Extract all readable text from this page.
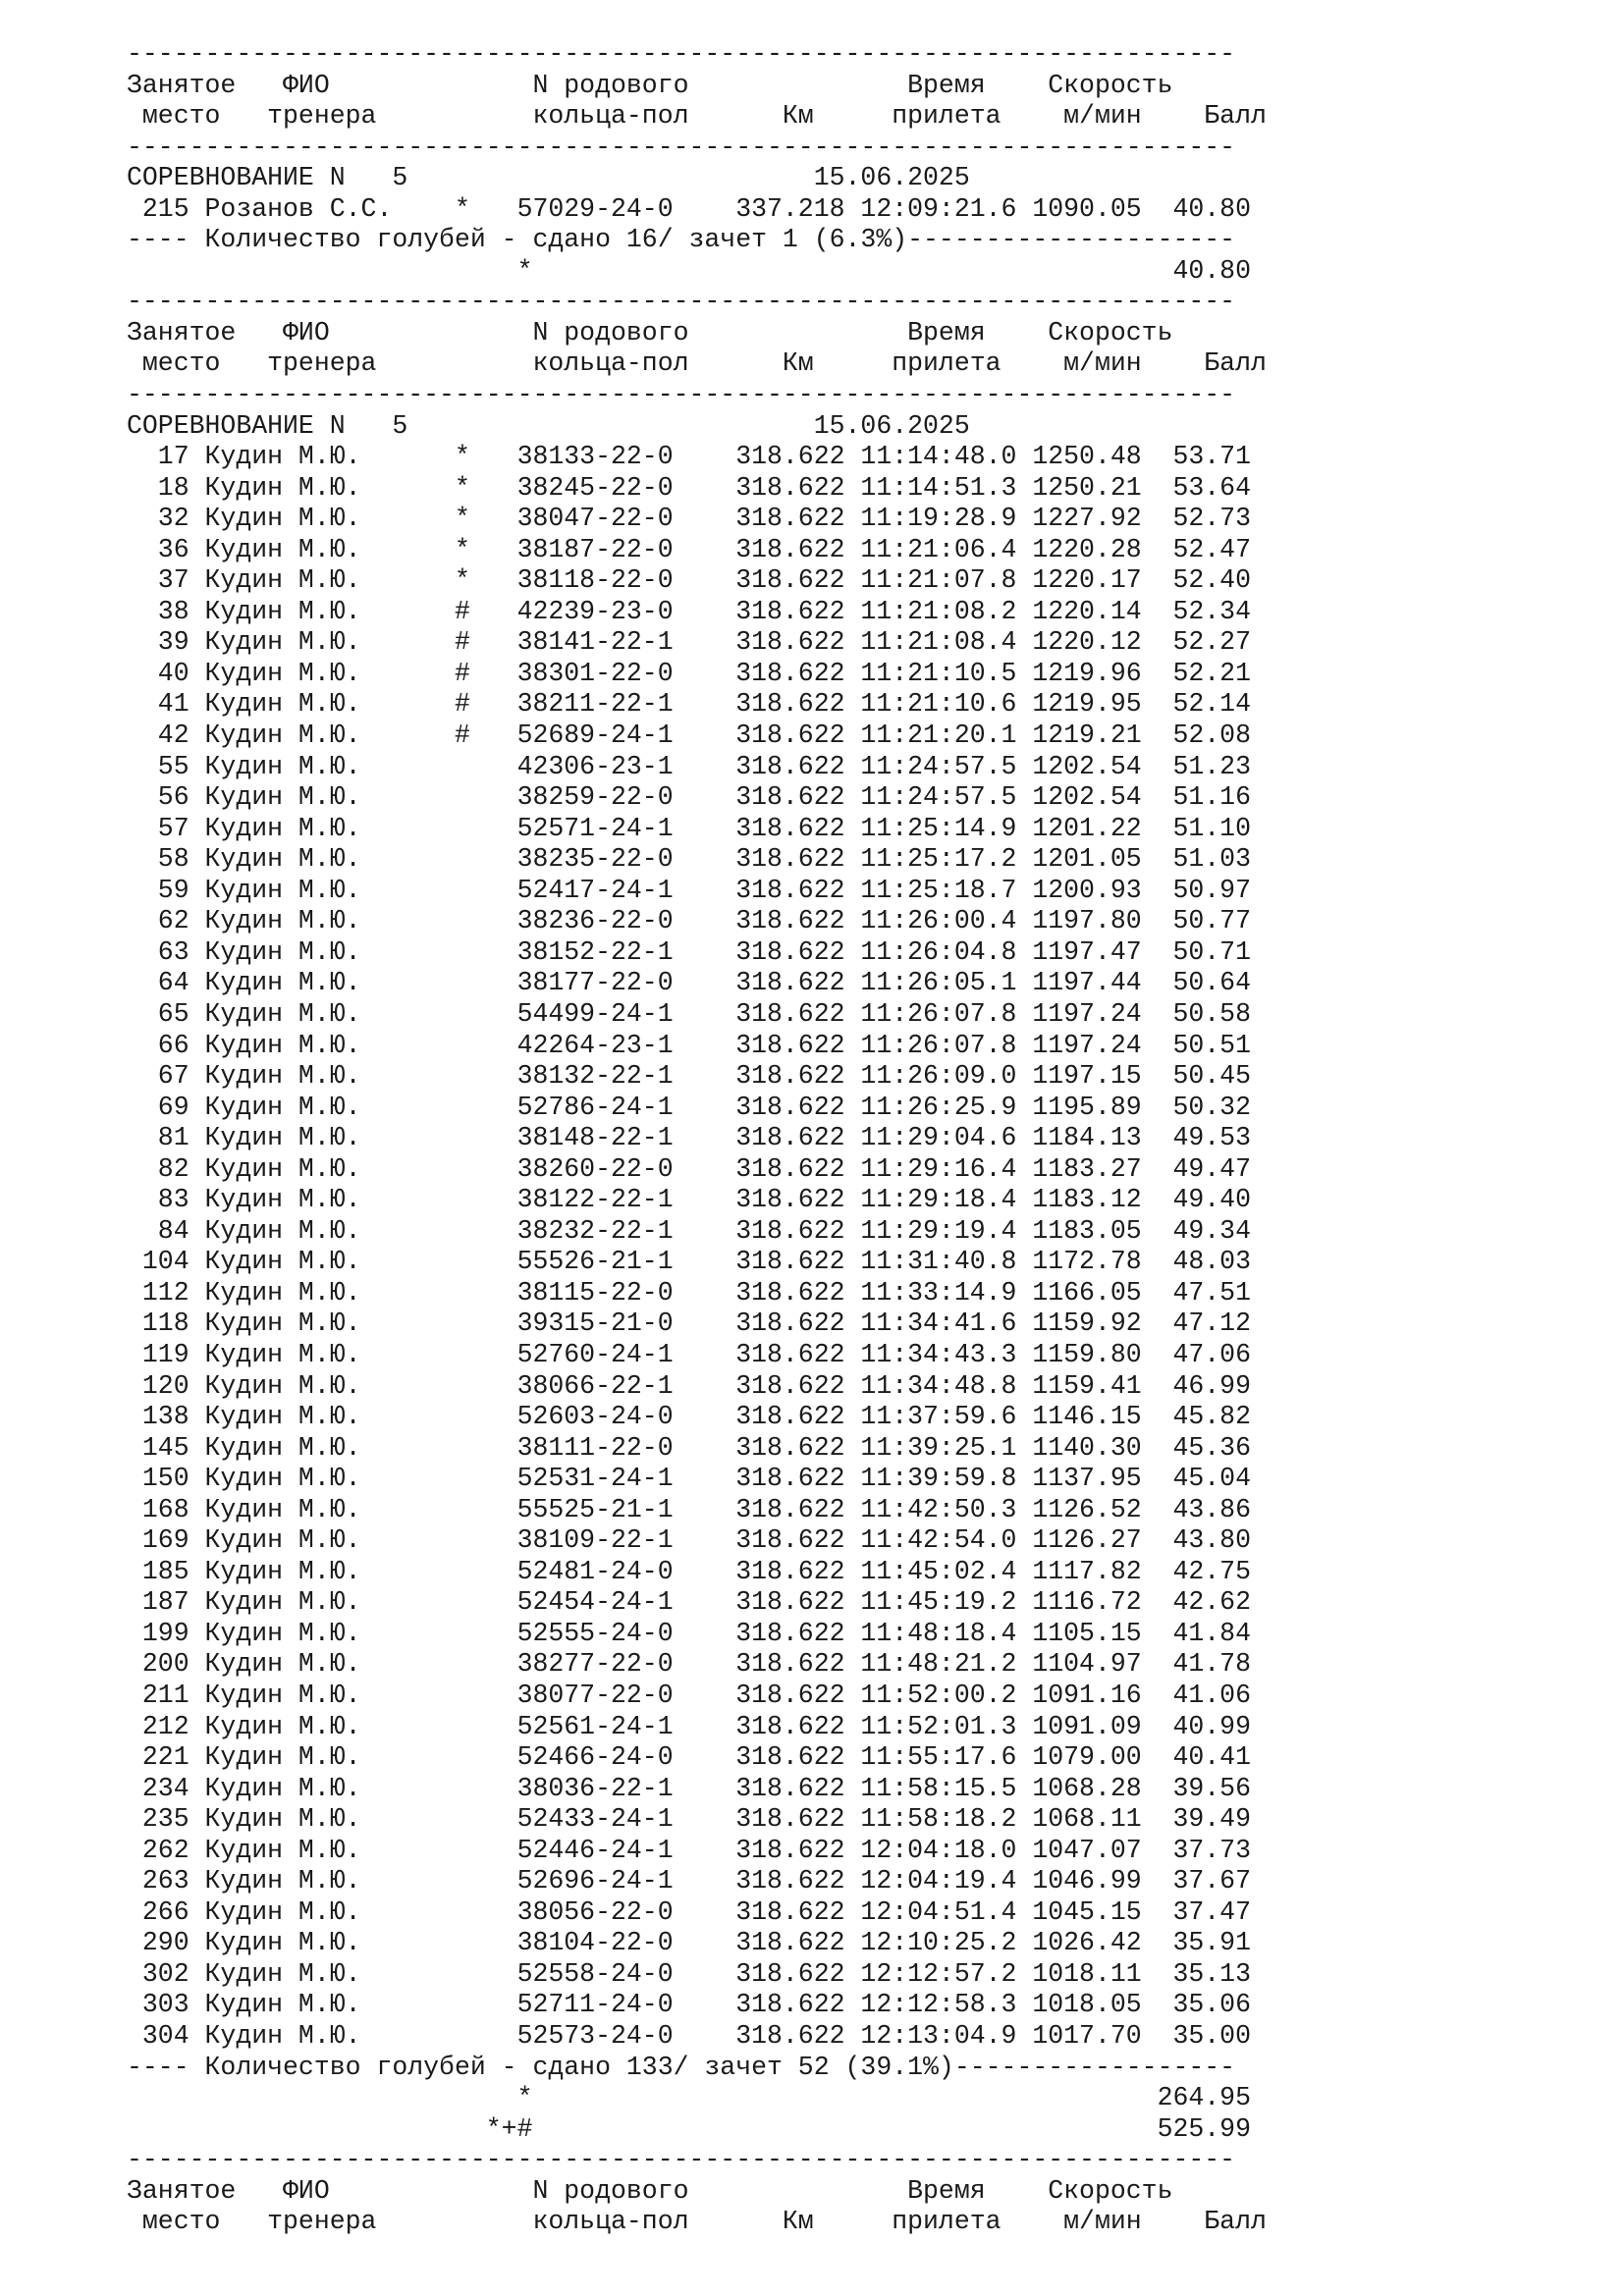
-----------------------------------------------------------------------
Занятое   ФИО             N родового              Время    Скорость
место   тренера          кольца-пол      Км     прилета    м/мин    Балл
-----------------------------------------------------------------------
СОРЕВНОВАНИЕ N   5                          15.06.2025
215 Розанов С.С.    *   57029-24-0    337.218 12:09:21.6 1090.05  40.80
---- Количество голубей - сдано 16/ зачет 1 (6.3%)---------------------
*                                         40.80
-----------------------------------------------------------------------
Занятое   ФИО             N родового              Время    Скорость
место   тренера          кольца-пол      Км     прилета    м/мин    Балл
-----------------------------------------------------------------------
СОРЕВНОВАНИЕ N   5                          15.06.2025
17 Кудин М.Ю.      *   38133-22-0    318.622 11:14:48.0 1250.48  53.71
18 Кудин М.Ю.      *   38245-22-0    318.622 11:14:51.3 1250.21  53.64
32 Кудин М.Ю.      *   38047-22-0    318.622 11:19:28.9 1227.92  52.73
36 Кудин М.Ю.      *   38187-22-0    318.622 11:21:06.4 1220.28  52.47
37 Кудин М.Ю.      *   38118-22-0    318.622 11:21:07.8 1220.17  52.40
38 Кудин М.Ю.      #   42239-23-0    318.622 11:21:08.2 1220.14  52.34
39 Кудин М.Ю.      #   38141-22-1    318.622 11:21:08.4 1220.12  52.27
40 Кудин М.Ю.      #   38301-22-0    318.622 11:21:10.5 1219.96  52.21
41 Кудин М.Ю.      #   38211-22-1    318.622 11:21:10.6 1219.95  52.14
42 Кудин М.Ю.      #   52689-24-1    318.622 11:21:20.1 1219.21  52.08
55 Кудин М.Ю.          42306-23-1    318.622 11:24:57.5 1202.54  51.23
56 Кудин М.Ю.          38259-22-0    318.622 11:24:57.5 1202.54  51.16
57 Кудин М.Ю.          52571-24-1    318.622 11:25:14.9 1201.22  51.10
58 Кудин М.Ю.          38235-22-0    318.622 11:25:17.2 1201.05  51.03
59 Кудин М.Ю.          52417-24-1    318.622 11:25:18.7 1200.93  50.97
62 Кудин М.Ю.          38236-22-0    318.622 11:26:00.4 1197.80  50.77
63 Кудин М.Ю.          38152-22-1    318.622 11:26:04.8 1197.47  50.71
64 Кудин М.Ю.          38177-22-0    318.622 11:26:05.1 1197.44  50.64
65 Кудин М.Ю.          54499-24-1    318.622 11:26:07.8 1197.24  50.58
66 Кудин М.Ю.          42264-23-1    318.622 11:26:07.8 1197.24  50.51
67 Кудин М.Ю.          38132-22-1    318.622 11:26:09.0 1197.15  50.45
69 Кудин М.Ю.          52786-24-1    318.622 11:26:25.9 1195.89  50.32
81 Кудин М.Ю.          38148-22-1    318.622 11:29:04.6 1184.13  49.53
82 Кудин М.Ю.          38260-22-0    318.622 11:29:16.4 1183.27  49.47
83 Кудин М.Ю.          38122-22-1    318.622 11:29:18.4 1183.12  49.40
84 Кудин М.Ю.          38232-22-1    318.622 11:29:19.4 1183.05  49.34
104 Кудин М.Ю.          55526-21-1    318.622 11:31:40.8 1172.78  48.03
112 Кудин М.Ю.          38115-22-0    318.622 11:33:14.9 1166.05  47.51
118 Кудин М.Ю.          39315-21-0    318.622 11:34:41.6 1159.92  47.12
119 Кудин М.Ю.          52760-24-1    318.622 11:34:43.3 1159.80  47.06
120 Кудин М.Ю.          38066-22-1    318.622 11:34:48.8 1159.41  46.99
138 Кудин М.Ю.          52603-24-0    318.622 11:37:59.6 1146.15  45.82
145 Кудин М.Ю.          38111-22-0    318.622 11:39:25.1 1140.30  45.36
150 Кудин М.Ю.          52531-24-1    318.622 11:39:59.8 1137.95  45.04
168 Кудин М.Ю.          55525-21-1    318.622 11:42:50.3 1126.52  43.86
169 Кудин М.Ю.          38109-22-1    318.622 11:42:54.0 1126.27  43.80
185 Кудин М.Ю.          52481-24-0    318.622 11:45:02.4 1117.82  42.75
187 Кудин М.Ю.          52454-24-1    318.622 11:45:19.2 1116.72  42.62
199 Кудин М.Ю.          52555-24-0    318.622 11:48:18.4 1105.15  41.84
200 Кудин М.Ю.          38277-22-0    318.622 11:48:21.2 1104.97  41.78
211 Кудин М.Ю.          38077-22-0    318.622 11:52:00.2 1091.16  41.06
212 Кудин М.Ю.          52561-24-1    318.622 11:52:01.3 1091.09  40.99
221 Кудин М.Ю.          52466-24-0    318.622 11:55:17.6 1079.00  40.41
234 Кудин М.Ю.          38036-22-1    318.622 11:58:15.5 1068.28  39.56
235 Кудин М.Ю.          52433-24-1    318.622 11:58:18.2 1068.11  39.49
262 Кудин М.Ю.          52446-24-1    318.622 12:04:18.0 1047.07  37.73
263 Кудин М.Ю.          52696-24-1    318.622 12:04:19.4 1046.99  37.67
266 Кудин М.Ю.          38056-22-0    318.622 12:04:51.4 1045.15  37.47
290 Кудин М.Ю.          38104-22-0    318.622 12:10:25.2 1026.42  35.91
302 Кудин М.Ю.          52558-24-0    318.622 12:12:57.2 1018.11  35.13
303 Кудин М.Ю.          52711-24-0    318.622 12:12:58.3 1018.05  35.06
304 Кудин М.Ю.          52573-24-0    318.622 12:13:04.9 1017.70  35.00
---- Количество голубей - сдано 133/ зачет 52 (39.1%)------------------
*                                        264.95
*+#                                        525.99
-----------------------------------------------------------------------
Занятое   ФИО             N родового              Время    Скорость
место   тренера          кольца-пол      Км     прилета    м/мин    Балл
